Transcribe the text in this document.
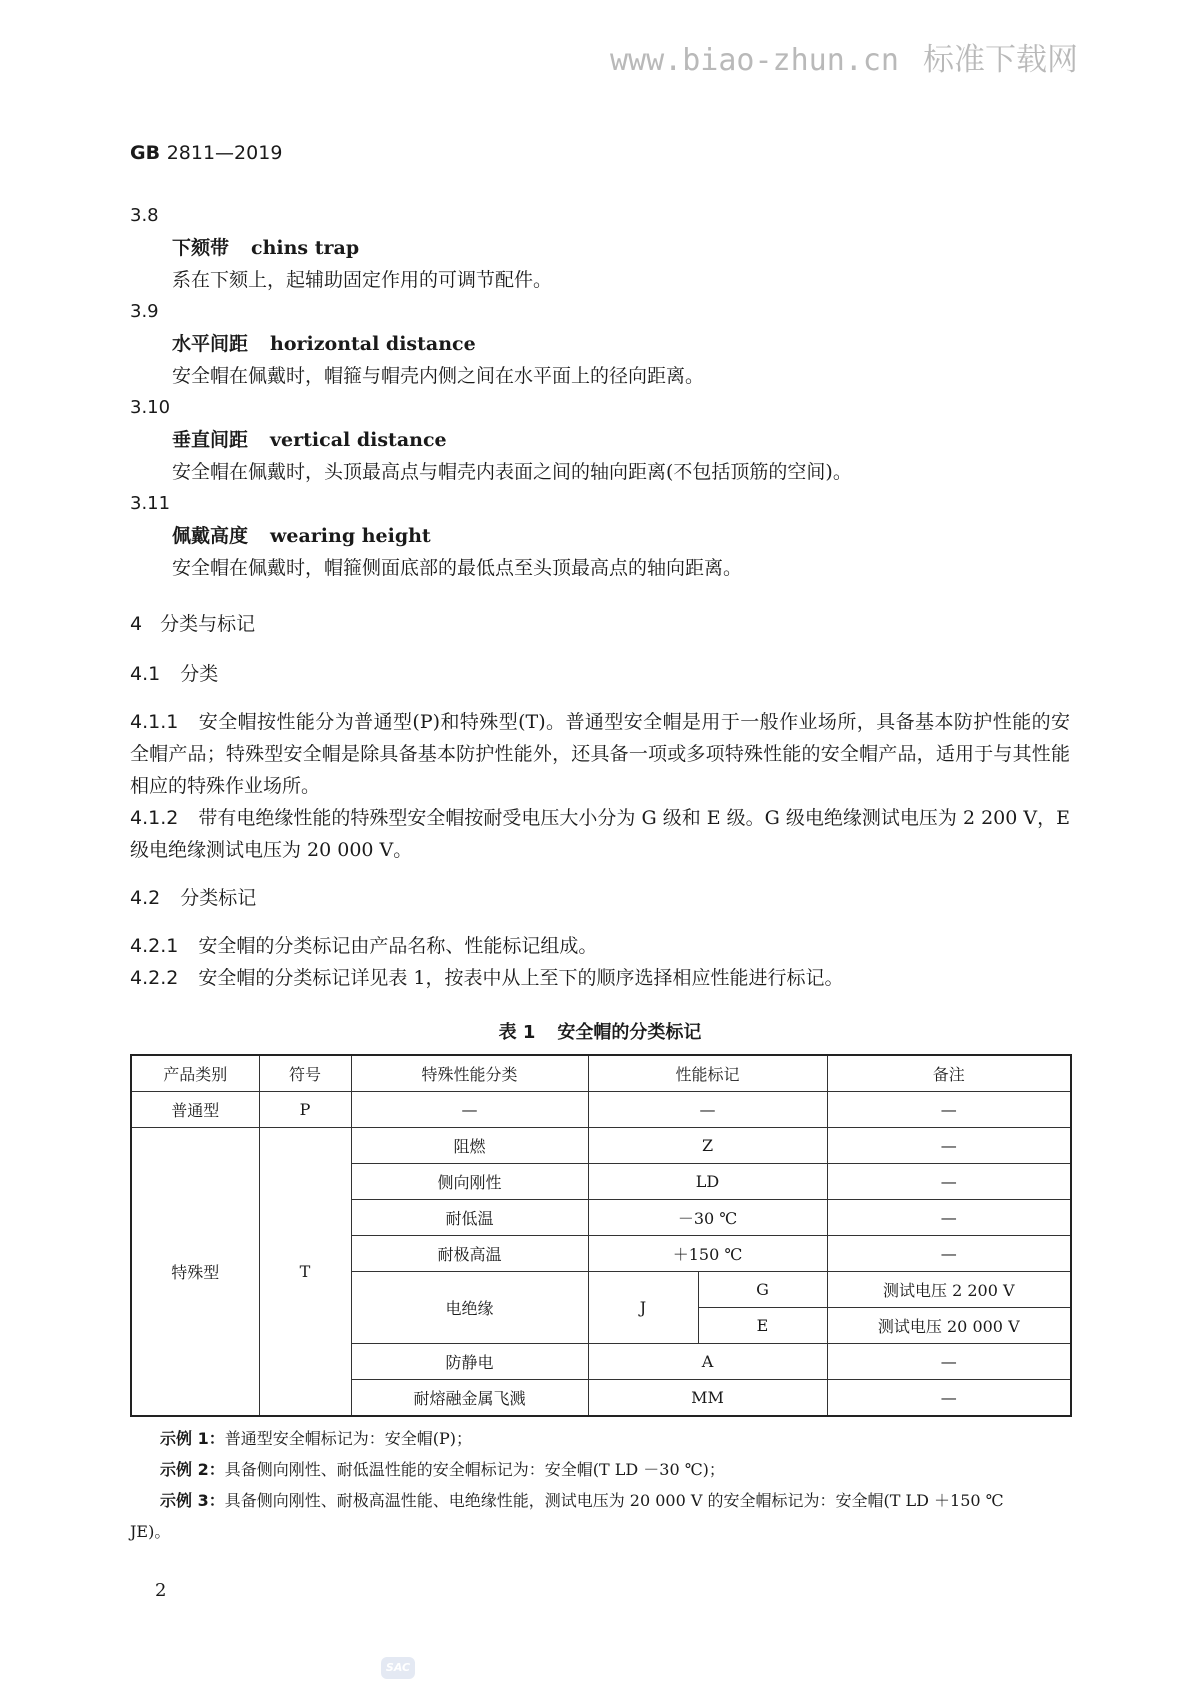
www.biao-zhun.cn 标准下载网
GB 2811—2019
3.8
下颏带 chins trap
系在下颏上，起辅助固定作用的可调节配件。
3.9
水平间距 horizontal distance
安全帽在佩戴时，帽箍与帽壳内侧之间在水平面上的径向距离。
3.10
垂直间距 vertical distance
安全帽在佩戴时，头顶最高点与帽壳内表面之间的轴向距离(不包括顶筋的空间)。
3.11
佩戴高度 wearing height
安全帽在佩戴时，帽箍侧面底部的最低点至头顶最高点的轴向距离。
4 分类与标记
4.1 分类
4.1.1 安全帽按性能分为普通型(P)和特殊型(T)。普通型安全帽是用于一般作业场所，具备基本防护性能的安全帽产品；特殊型安全帽是除具备基本防护性能外，还具备一项或多项特殊性能的安全帽产品，适用于与其性能相应的特殊作业场所。
4.1.2 带有电绝缘性能的特殊型安全帽按耐受电压大小分为 G 级和 E 级。G 级电绝缘测试电压为 2 200 V，E 级电绝缘测试电压为 20 000 V。
4.2 分类标记
4.2.1 安全帽的分类标记由产品名称、性能标记组成。
4.2.2 安全帽的分类标记详见表 1，按表中从上至下的顺序选择相应性能进行标记。
表 1 安全帽的分类标记
产品类别	符号	特殊性能分类	性能标记		备注
普通型	P	—	—		—
特殊型	T	阻燃	Z		—
		侧向刚性	LD		—
		耐低温	－30 ℃		—
		耐极高温	＋150 ℃		—
		电绝缘	J	G	测试电压 2 200 V
				E	测试电压 20 000 V
		防静电	A		—
		耐熔融金属飞溅	MM		—
示例 1：普通型安全帽标记为：安全帽(P)；
示例 2：具备侧向刚性、耐低温性能的安全帽标记为：安全帽(T LD －30 ℃)；
示例 3：具备侧向刚性、耐极高温性能、电绝缘性能，测试电压为 20 000 V 的安全帽标记为：安全帽(T LD ＋150 ℃
JE)。
2
SAC
